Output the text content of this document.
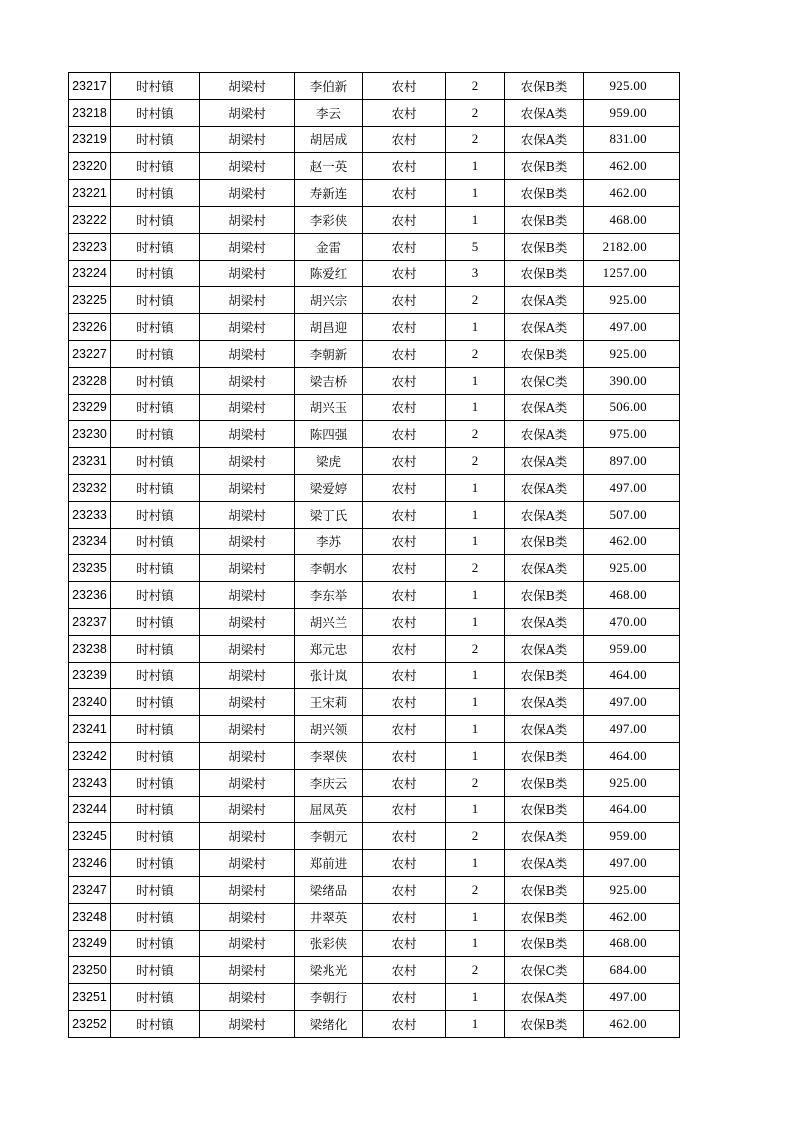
23217	时村镇	胡梁村	李伯新	农村	2	农保B类	925.00
23218	时村镇	胡梁村	李云	农村	2	农保A类	959.00
23219	时村镇	胡梁村	胡居成	农村	2	农保A类	831.00
23220	时村镇	胡梁村	赵一英	农村	1	农保B类	462.00
23221	时村镇	胡梁村	寿新连	农村	1	农保B类	462.00
23222	时村镇	胡梁村	李彩侠	农村	1	农保B类	468.00
23223	时村镇	胡梁村	金雷	农村	5	农保B类	2182.00
23224	时村镇	胡梁村	陈爱红	农村	3	农保B类	1257.00
23225	时村镇	胡梁村	胡兴宗	农村	2	农保A类	925.00
23226	时村镇	胡梁村	胡昌迎	农村	1	农保A类	497.00
23227	时村镇	胡梁村	李朝新	农村	2	农保B类	925.00
23228	时村镇	胡梁村	梁吉桥	农村	1	农保C类	390.00
23229	时村镇	胡梁村	胡兴玉	农村	1	农保A类	506.00
23230	时村镇	胡梁村	陈四强	农村	2	农保A类	975.00
23231	时村镇	胡梁村	梁虎	农村	2	农保A类	897.00
23232	时村镇	胡梁村	梁爱婷	农村	1	农保A类	497.00
23233	时村镇	胡梁村	梁丁氏	农村	1	农保A类	507.00
23234	时村镇	胡梁村	李苏	农村	1	农保B类	462.00
23235	时村镇	胡梁村	李朝水	农村	2	农保A类	925.00
23236	时村镇	胡梁村	李东举	农村	1	农保B类	468.00
23237	时村镇	胡梁村	胡兴兰	农村	1	农保A类	470.00
23238	时村镇	胡梁村	郑元忠	农村	2	农保A类	959.00
23239	时村镇	胡梁村	张计岚	农村	1	农保B类	464.00
23240	时村镇	胡梁村	王宋莉	农村	1	农保A类	497.00
23241	时村镇	胡梁村	胡兴领	农村	1	农保A类	497.00
23242	时村镇	胡梁村	李翠侠	农村	1	农保B类	464.00
23243	时村镇	胡梁村	李庆云	农村	2	农保B类	925.00
23244	时村镇	胡梁村	屈凤英	农村	1	农保B类	464.00
23245	时村镇	胡梁村	李朝元	农村	2	农保A类	959.00
23246	时村镇	胡梁村	郑前进	农村	1	农保A类	497.00
23247	时村镇	胡梁村	梁绪品	农村	2	农保B类	925.00
23248	时村镇	胡梁村	井翠英	农村	1	农保B类	462.00
23249	时村镇	胡梁村	张彩侠	农村	1	农保B类	468.00
23250	时村镇	胡梁村	梁兆光	农村	2	农保C类	684.00
23251	时村镇	胡梁村	李朝行	农村	1	农保A类	497.00
23252	时村镇	胡梁村	梁绪化	农村	1	农保B类	462.00
